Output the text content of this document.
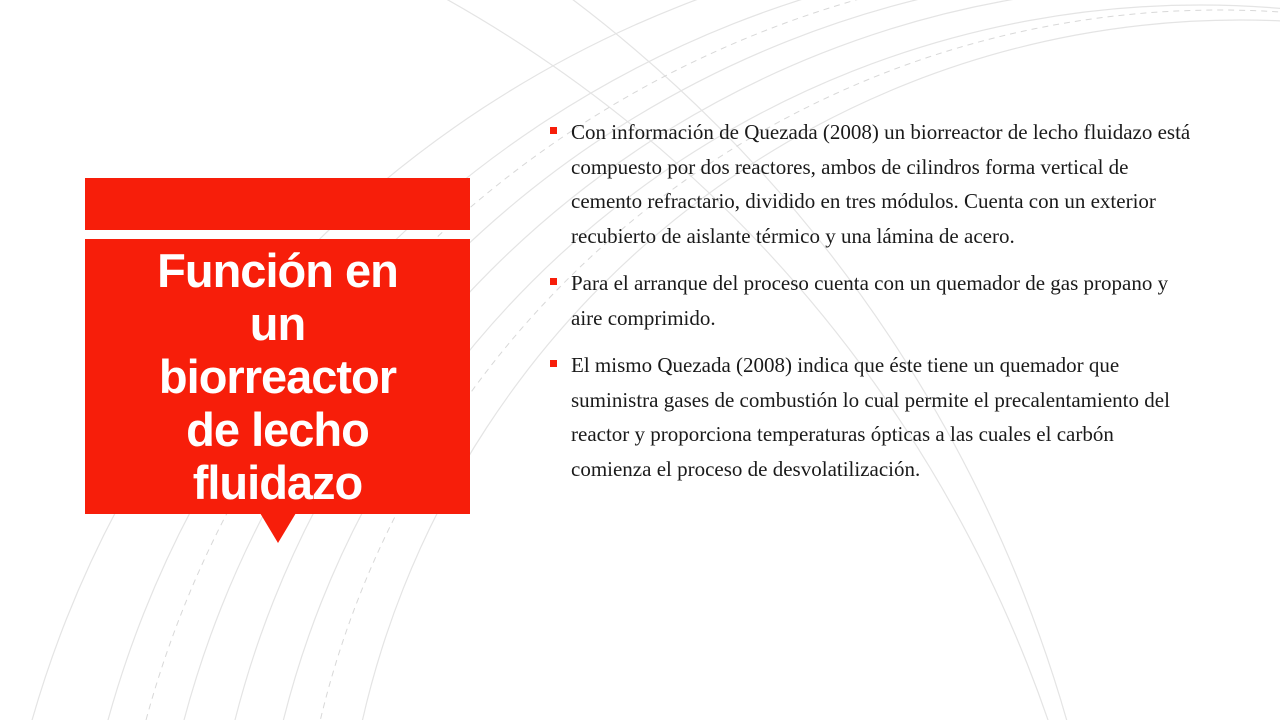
Función en un biorreactor de lecho fluidazo
Con información de Quezada (2008) un biorreactor de lecho fluidazo está compuesto por dos reactores, ambos de cilindros forma vertical de cemento refractario, dividido en tres módulos. Cuenta con un exterior recubierto de aislante térmico y una lámina de acero.
Para el arranque del proceso cuenta con un quemador de gas propano y aire comprimido.
El mismo Quezada (2008) indica que éste tiene un quemador que suministra gases de combustión lo cual permite el precalentamiento del reactor y proporciona temperaturas ópticas a las cuales el carbón comienza el proceso de desvolatilización.
